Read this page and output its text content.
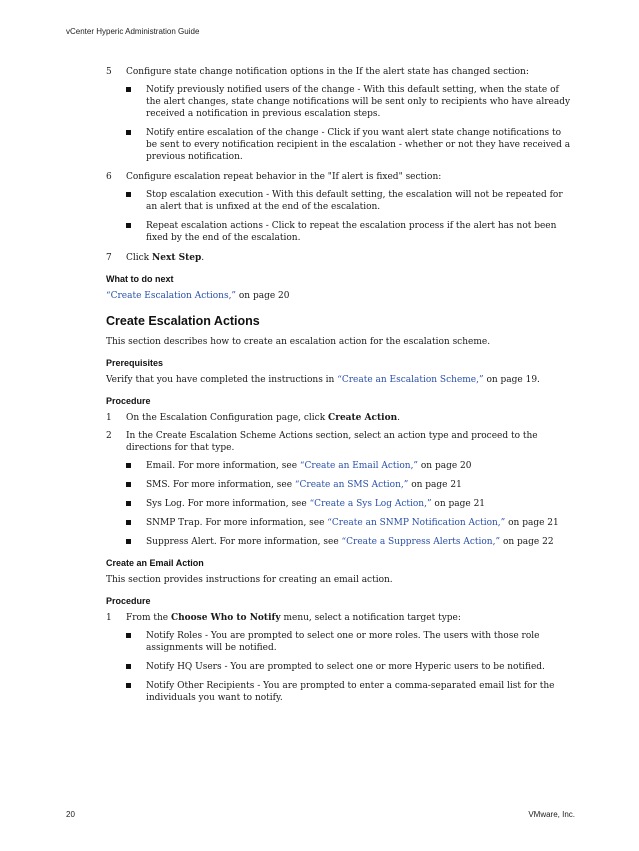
vCenter Hyperic Administration Guide
5	Configure state change notification options in the If the alert state has changed section:
Notify previously notified users of the change - With this default setting, when the state of the alert changes, state change notifications will be sent only to recipients who have already received a notification in previous escalation steps.
Notify entire escalation of the change - Click if you want alert state change notifications to be sent to every notification recipient in the escalation - whether or not they have received a previous notification.
6	Configure escalation repeat behavior in the "If alert is fixed" section:
Stop escalation execution - With this default setting, the escalation will not be repeated for an alert that is unfixed at the end of the escalation.
Repeat escalation actions - Click to repeat the escalation process if the alert has not been fixed by the end of the escalation.
7	Click Next Step.
What to do next
“Create Escalation Actions,” on page 20
Create Escalation Actions
This section describes how to create an escalation action for the escalation scheme.
Prerequisites
Verify that you have completed the instructions in “Create an Escalation Scheme,” on page 19.
Procedure
1	On the Escalation Configuration page, click Create Action.
2	In the Create Escalation Scheme Actions section, select an action type and proceed to the directions for that type.
Email. For more information, see “Create an Email Action,” on page 20
SMS. For more information, see “Create an SMS Action,” on page 21
Sys Log. For more information, see “Create a Sys Log Action,” on page 21
SNMP Trap. For more information, see “Create an SNMP Notification Action,” on page 21
Suppress Alert. For more information, see “Create a Suppress Alerts Action,” on page 22
Create an Email Action
This section provides instructions for creating an email action.
Procedure
1	From the Choose Who to Notify menu, select a notification target type:
Notify Roles - You are prompted to select one or more roles. The users with those role assignments will be notified.
Notify HQ Users - You are prompted to select one or more Hyperic users to be notified.
Notify Other Recipients - You are prompted to enter a comma-separated email list for the individuals you want to notify.
20	VMware, Inc.
